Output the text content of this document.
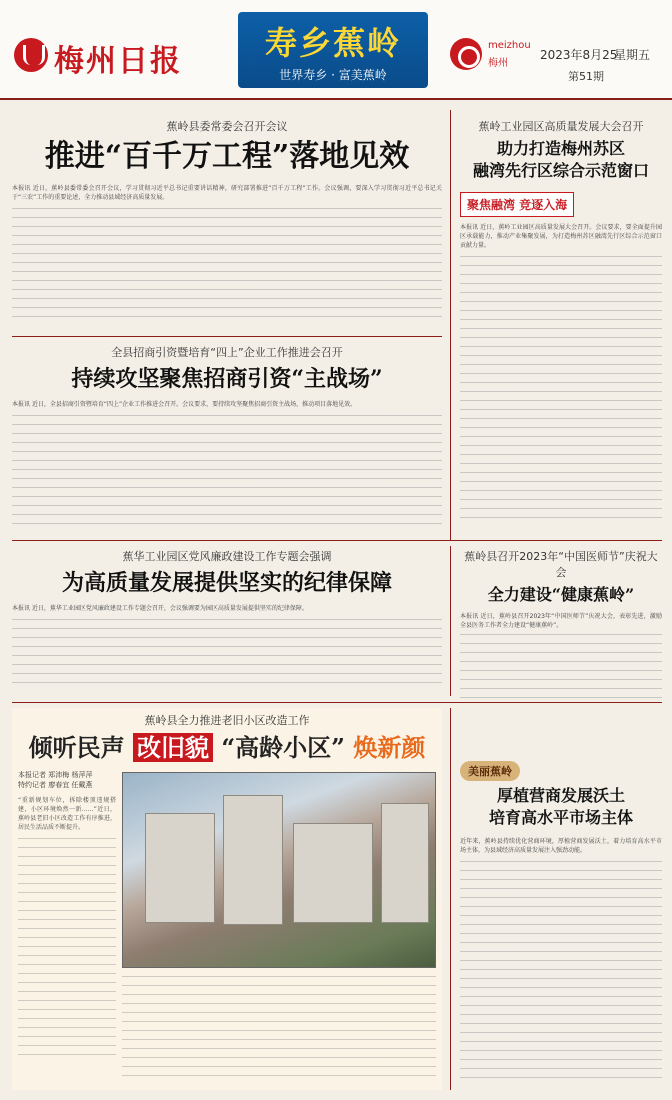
梅州日报	寿乡蕉岭
世界寿乡 · 富美蕉岭
meizhou
梅州
2023年8月25
星期五
第51期
蕉岭县委常委会召开会议
推进“百千万工程”落地见效
本报讯 近日，蕉岭县委常委会召开会议，学习贯彻习近平总书记重要讲话精神，研究部署推进“百千万工程”工作。会议强调，要深入学习贯彻习近平总书记关于“三农”工作的重要论述，全力推动县域经济高质量发展。
蕉岭工业园区高质量发展大会召开
助力打造梅州苏区
融湾先行区综合示范窗口
聚焦融湾 竞逐入海
本报讯 近日，蕉岭工业园区高质量发展大会召开。会议要求，要全面提升园区承载能力，推动产业集聚发展，为打造梅州苏区融湾先行区综合示范窗口贡献力量。
全县招商引资暨培育“四上”企业工作推进会召开
持续攻坚聚焦招商引资“主战场”
本报讯 近日，全县招商引资暨培育“四上”企业工作推进会召开。会议要求，要持续攻坚聚焦招商引资主战场，推动项目落地见效。
蕉华工业园区党风廉政建设工作专题会强调
为高质量发展提供坚实的纪律保障
本报讯 近日，蕉华工业园区党风廉政建设工作专题会召开，会议强调要为园区高质量发展提供坚实的纪律保障。
蕉岭县召开2023年“中国医师节”庆祝大会
全力建设“健康蕉岭”
本报讯 近日，蕉岭县召开2023年“中国医师节”庆祝大会，表彰先进，激励全县医务工作者全力建设“健康蕉岭”。
蕉岭县全力推进老旧小区改造工作
倾听民声 改旧貌 “高龄小区” 焕新颜
本报记者 郑沛梅 杨萍萍
特约记者 廖春宜 任戴燕
“重新规划车位，拆除楼顶违规搭建，小区环境焕然一新……”近日，蕉岭县老旧小区改造工作有序推进，居民生活品质不断提升。
美丽蕉岭
厚植营商发展沃土
培育高水平市场主体
近年来，蕉岭县持续优化营商环境，厚植营商发展沃土，着力培育高水平市场主体，为县域经济高质量发展注入强劲动能。
